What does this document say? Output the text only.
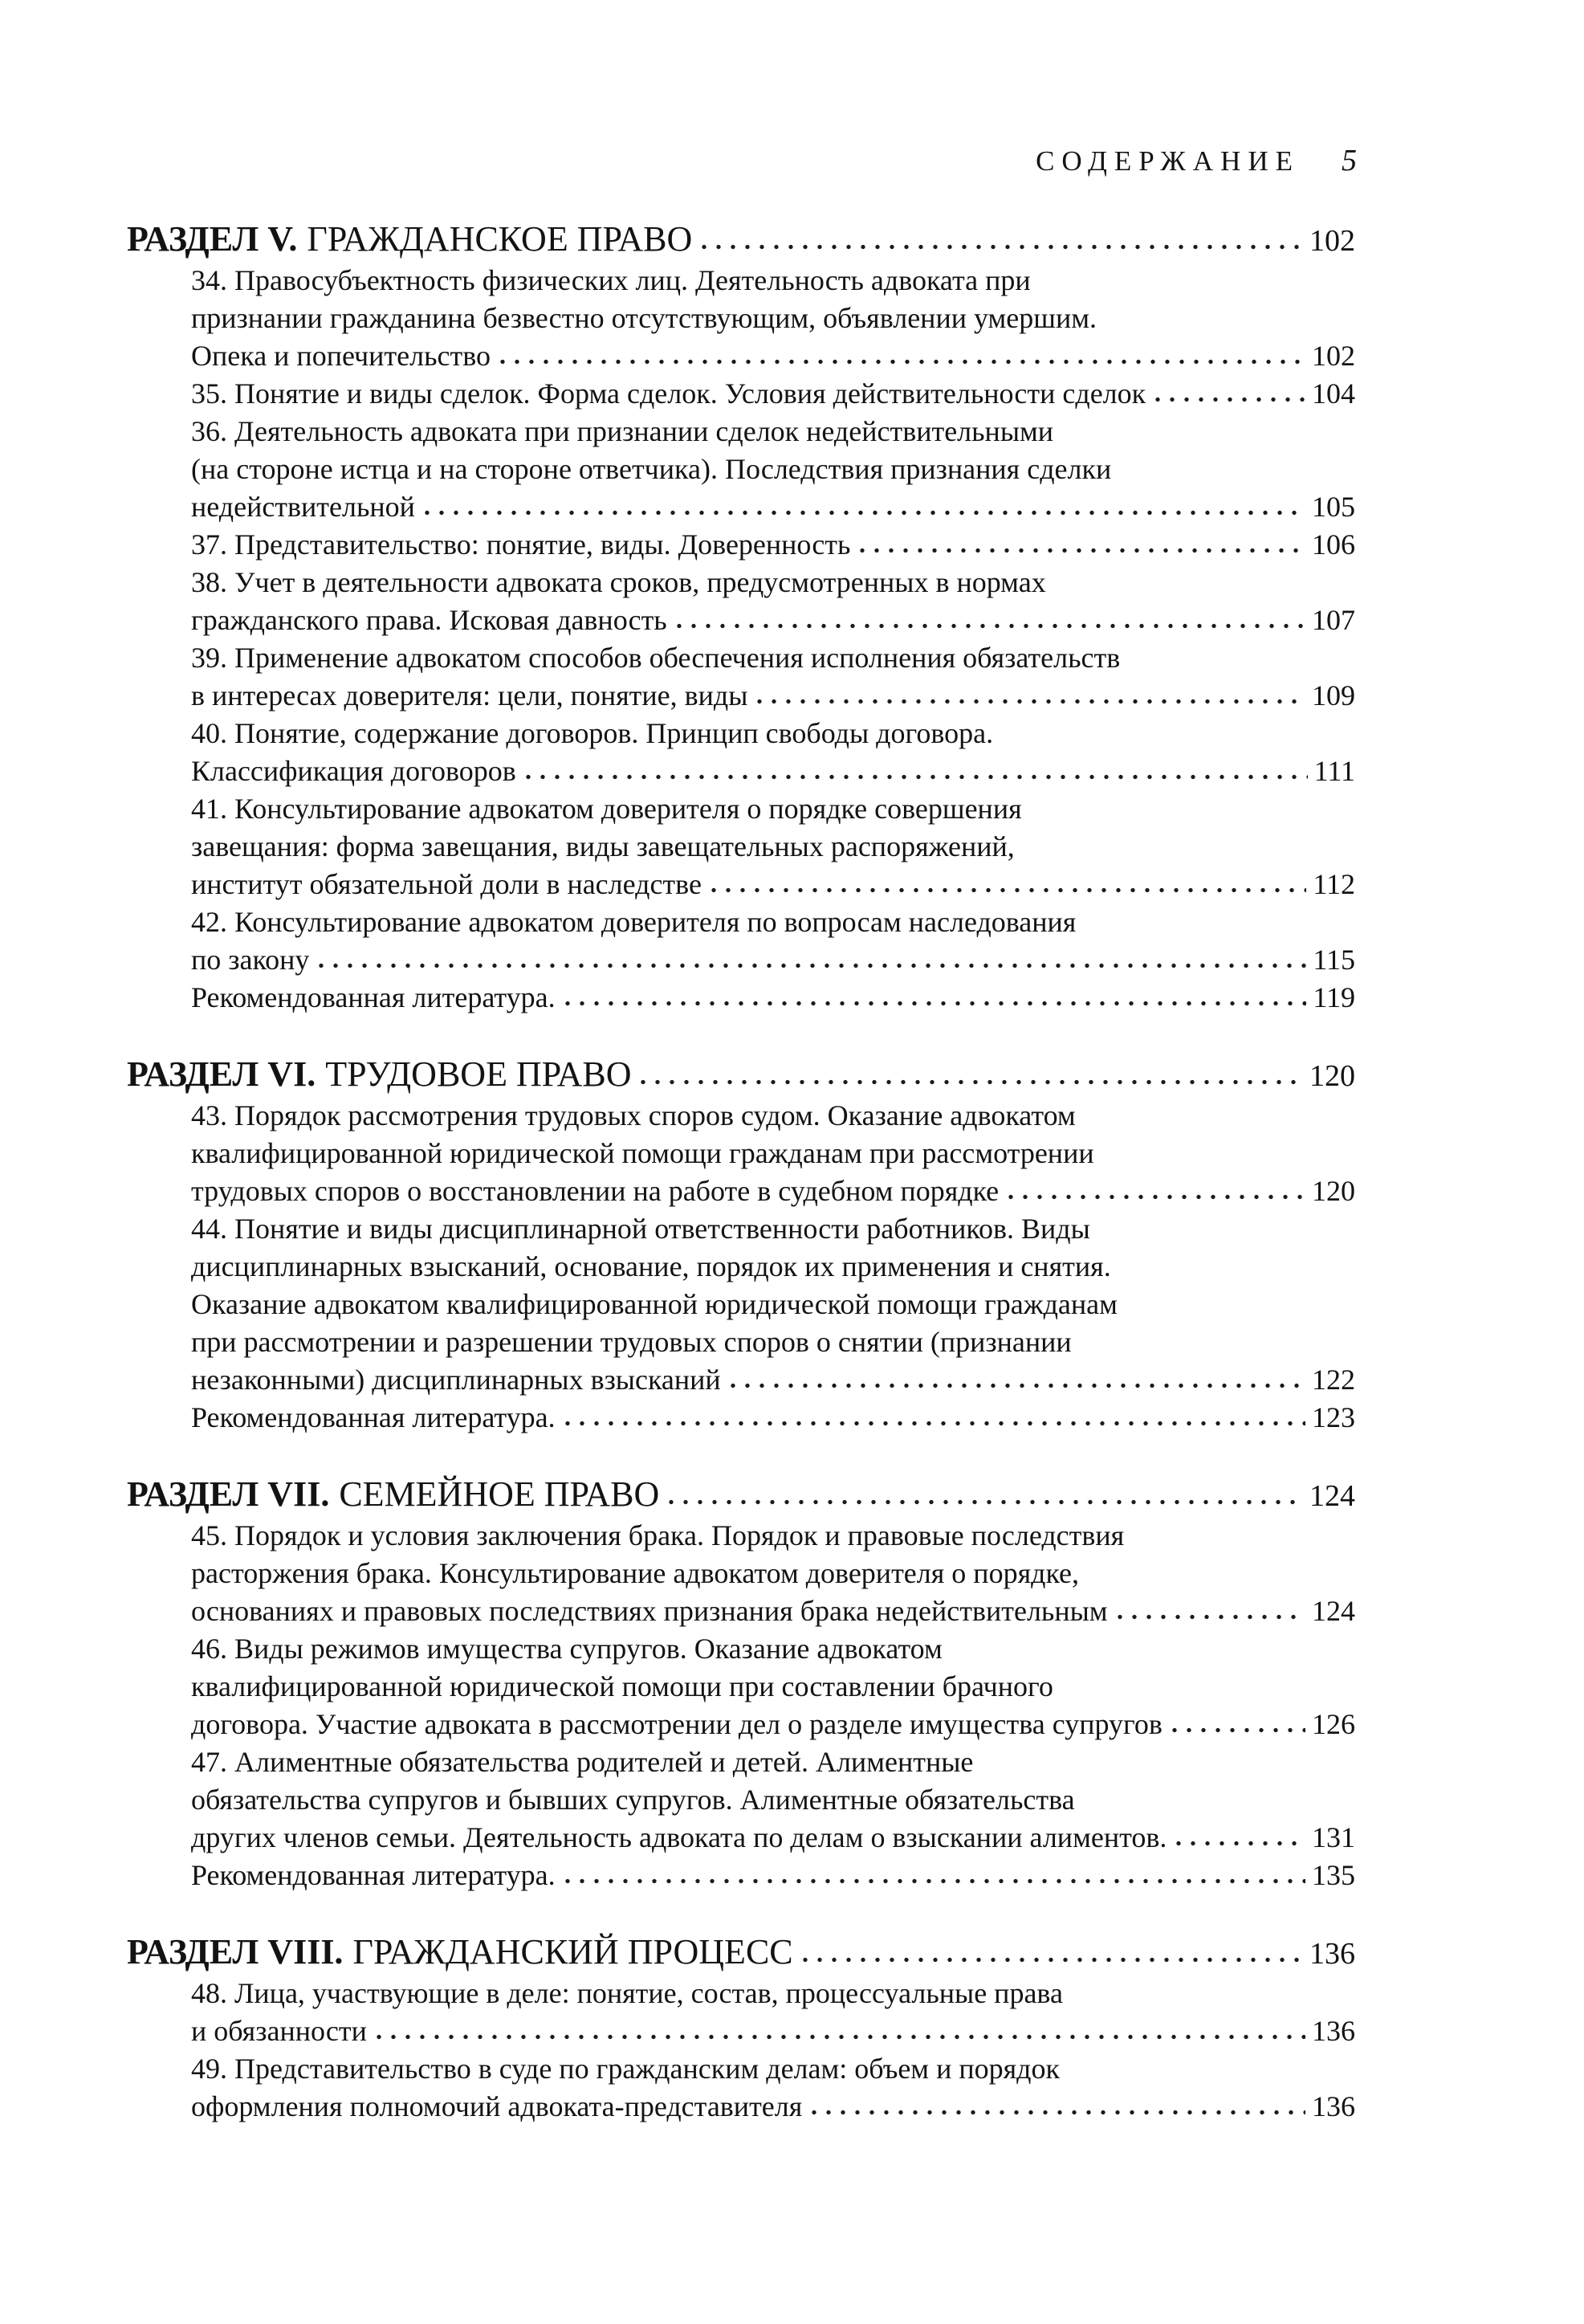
СОДЕРЖАНИЕ 5
РАЗДЕЛ V. ГРАЖДАНСКОЕ ПРАВО	102
34. Правосубъектность физических лиц. Деятельность адвоката при
признании гражданина безвестно отсутствующим, объявлении умершим.
Опека и попечительство	102
35. Понятие и виды сделок. Форма сделок. Условия действительности сделок	104
36. Деятельность адвоката при признании сделок недействительными
(на стороне истца и на стороне ответчика). Последствия признания сделки
недействительной	105
37. Представительство: понятие, виды. Доверенность	106
38. Учет в деятельности адвоката сроков, предусмотренных в нормах
гражданского права. Исковая давность	107
39. Применение адвокатом способов обеспечения исполнения обязательств
в интересах доверителя: цели, понятие, виды	109
40. Понятие, содержание договоров. Принцип свободы договора.
Классификация договоров	111
41. Консультирование адвокатом доверителя о порядке совершения
завещания: форма завещания, виды завещательных распоряжений,
институт обязательной доли в наследстве	112
42. Консультирование адвокатом доверителя по вопросам наследования
по закону	115
Рекомендованная литература.	119
РАЗДЕЛ VI. ТРУДОВОЕ ПРАВО	120
43. Порядок рассмотрения трудовых споров судом. Оказание адвокатом
квалифицированной юридической помощи гражданам при рассмотрении
трудовых споров о восстановлении на работе в судебном порядке	120
44. Понятие и виды дисциплинарной ответственности работников. Виды
дисциплинарных взысканий, основание, порядок их применения и снятия.
Оказание адвокатом квалифицированной юридической помощи гражданам
при рассмотрении и разрешении трудовых споров о снятии (признании
незаконными) дисциплинарных взысканий	122
Рекомендованная литература.	123
РАЗДЕЛ VII. СЕМЕЙНОЕ ПРАВО	124
45. Порядок и условия заключения брака. Порядок и правовые последствия
расторжения брака. Консультирование адвокатом доверителя о порядке,
основаниях и правовых последствиях признания брака недействительным	124
46. Виды режимов имущества супругов. Оказание адвокатом
квалифицированной юридической помощи при составлении брачного
договора. Участие адвоката в рассмотрении дел о разделе имущества супругов	126
47. Алиментные обязательства родителей и детей. Алиментные
обязательства супругов и бывших супругов. Алиментные обязательства
других членов семьи. Деятельность адвоката по делам о взыскании алиментов.	131
Рекомендованная литература.	135
РАЗДЕЛ VIII. ГРАЖДАНСКИЙ ПРОЦЕСС	136
48. Лица, участвующие в деле: понятие, состав, процессуальные права
и обязанности	136
49. Представительство в суде по гражданским делам: объем и порядок
оформления полномочий адвоката-представителя	136
